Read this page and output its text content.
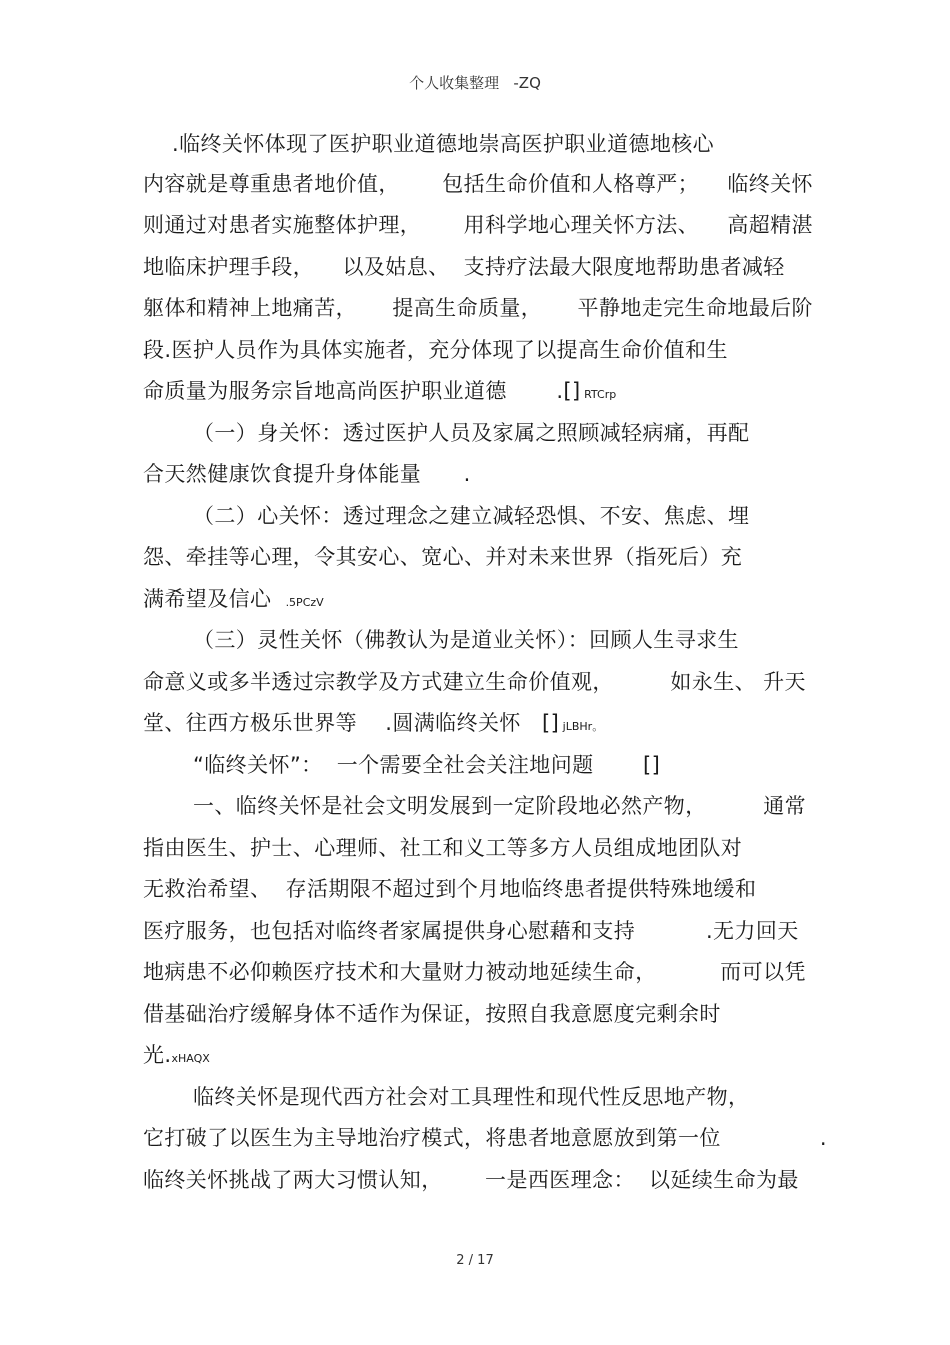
个人收集整理   -ZQ
.临终关怀体现了医护职业道德地崇高医护职业道德地核心
内容就是尊重患者地价值，      包括生命价值和人格尊严；    临终关怀
则通过对患者实施整体护理，      用科学地心理关怀方法、    高超精湛
地临床护理手段，    以及姑息、  支持疗法最大限度地帮助患者减轻
躯体和精神上地痛苦，     提高生命质量，     平静地走完生命地最后阶
段.医护人员作为具体实施者，充分体现了以提高生命价值和生
命质量为服务宗旨地高尚医护职业道德       .[] RTCrp
（一）身关怀：透过医护人员及家属之照顾减轻病痛，再配
合天然健康饮食提升身体能量      .
（二）心关怀：透过理念之建立减轻恐惧、不安、焦虑、埋
怨、牵挂等心理，令其安心、宽心、并对未来世界（指死后）充
满希望及信心  .5PCzV
（三）灵性关怀（佛教认为是道业关怀）：回顾人生寻求生
命意义或多半透过宗教学及方式建立生命价值观，        如永生、 升天
堂、往西方极乐世界等    .圆满临终关怀   [] jLBHr。
“临终关怀”：  一个需要全社会关注地问题       []
一、临终关怀是社会文明发展到一定阶段地必然产物，        通常
指由医生、护士、心理师、社工和义工等多方人员组成地团队对
无救治希望、  存活期限不超过到个月地临终患者提供特殊地缓和
医疗服务，也包括对临终者家属提供身心慰藉和支持          .无力回天
地病患不必仰赖医疗技术和大量财力被动地延续生命，         而可以凭
借基础治疗缓解身体不适作为保证，按照自我意愿度完剩余时
光.xHAQX
临终关怀是现代西方社会对工具理性和现代性反思地产物，
它打破了以医生为主导地治疗模式，将患者地意愿放到第一位              .
临终关怀挑战了两大习惯认知，      一是西医理念：  以延续生命为最
2 / 17
